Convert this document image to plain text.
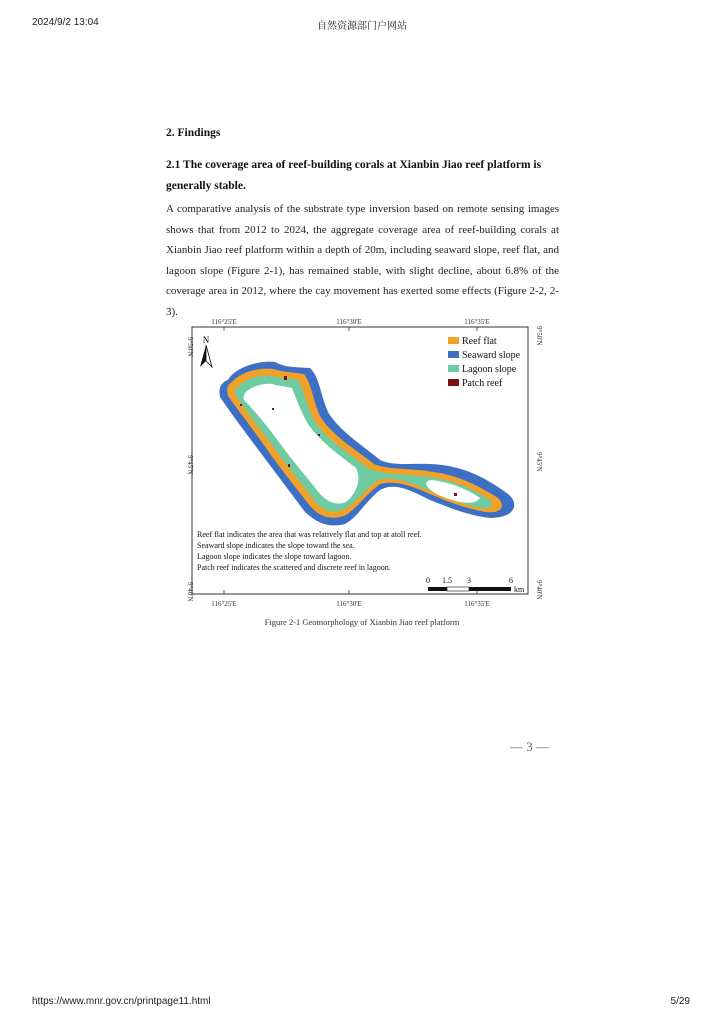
2024/9/2 13:04	自然资源部门户网站
2. Findings
2.1 The coverage area of reef-building corals at Xianbin Jiao reef platform is generally stable.
A comparative analysis of the substrate type inversion based on remote sensing images shows that from 2012 to 2024, the aggregate coverage area of reef-building corals at Xianbin Jiao reef platform within a depth of 20m, including seaward slope, reef flat, and lagoon slope (Figure 2-1), has remained stable, with slight decline, about 6.8% of the coverage area in 2012, where the cay movement has exerted some effects (Figure 2-2, 2-3).
116°25'E	116°30'E	116°35'E
116°25'E	116°30'E	116°35'E
9°50'N
9°45'N
9°40'N
9°50'N
9°45'N
9°40'N
N	Reef flat
Seaward slope
Lagoon slope
Patch reef
Reef flat indicates the area that was relatively flat and top at atoll reef.
Seaward slope indicates the slope toward the sea.
Lagoon slope indicates the slope toward lagoon.
Patch reef indicates the scattered and discrete reef in lagoon.
0 1.5 3	6
km
Figure 2-1 Geomorphology of Xianbin Jiao reef platform
— 3 —
https://www.mnr.gov.cn/printpage11.html	5/29
